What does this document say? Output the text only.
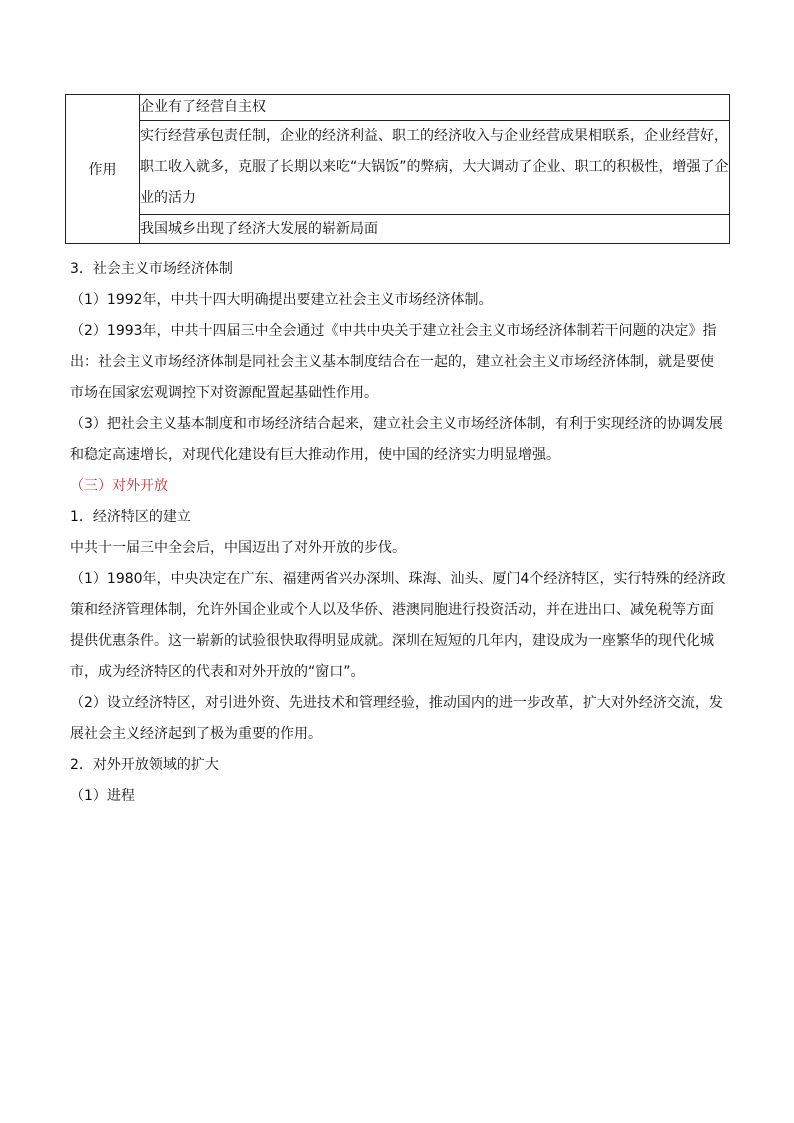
作用	企业有了经营自主权
实行经营承包责任制，企业的经济利益、职工的经济收入与企业经营成果相联系，企业经营好，职工收入就多，克服了长期以来吃“大锅饭”的弊病，大大调动了企业、职工的积极性，增强了企业的活力
我国城乡出现了经济大发展的崭新局面
3．社会主义市场经济体制
（1）1992年，中共十四大明确提出要建立社会主义市场经济体制。
（2）1993年，中共十四届三中全会通过《中共中央关于建立社会主义市场经济体制若干问题的决定》指出：社会主义市场经济体制是同社会主义基本制度结合在一起的，建立社会主义市场经济体制，就是要使市场在国家宏观调控下对资源配置起基础性作用。
（3）把社会主义基本制度和市场经济结合起来，建立社会主义市场经济体制，有利于实现经济的协调发展和稳定高速增长，对现代化建设有巨大推动作用，使中国的经济实力明显增强。
（三）对外开放
1．经济特区的建立
中共十一届三中全会后，中国迈出了对外开放的步伐。
（1）1980年，中央决定在广东、福建两省兴办深圳、珠海、汕头、厦门4个经济特区，实行特殊的经济政策和经济管理体制，允许外国企业或个人以及华侨、港澳同胞进行投资活动，并在进出口、减免税等方面提供优惠条件。这一崭新的试验很快取得明显成就。深圳在短短的几年内，建设成为一座繁华的现代化城市，成为经济特区的代表和对外开放的“窗口”。
（2）设立经济特区，对引进外资、先进技术和管理经验，推动国内的进一步改革，扩大对外经济交流，发展社会主义经济起到了极为重要的作用。
2．对外开放领域的扩大
（1）进程
